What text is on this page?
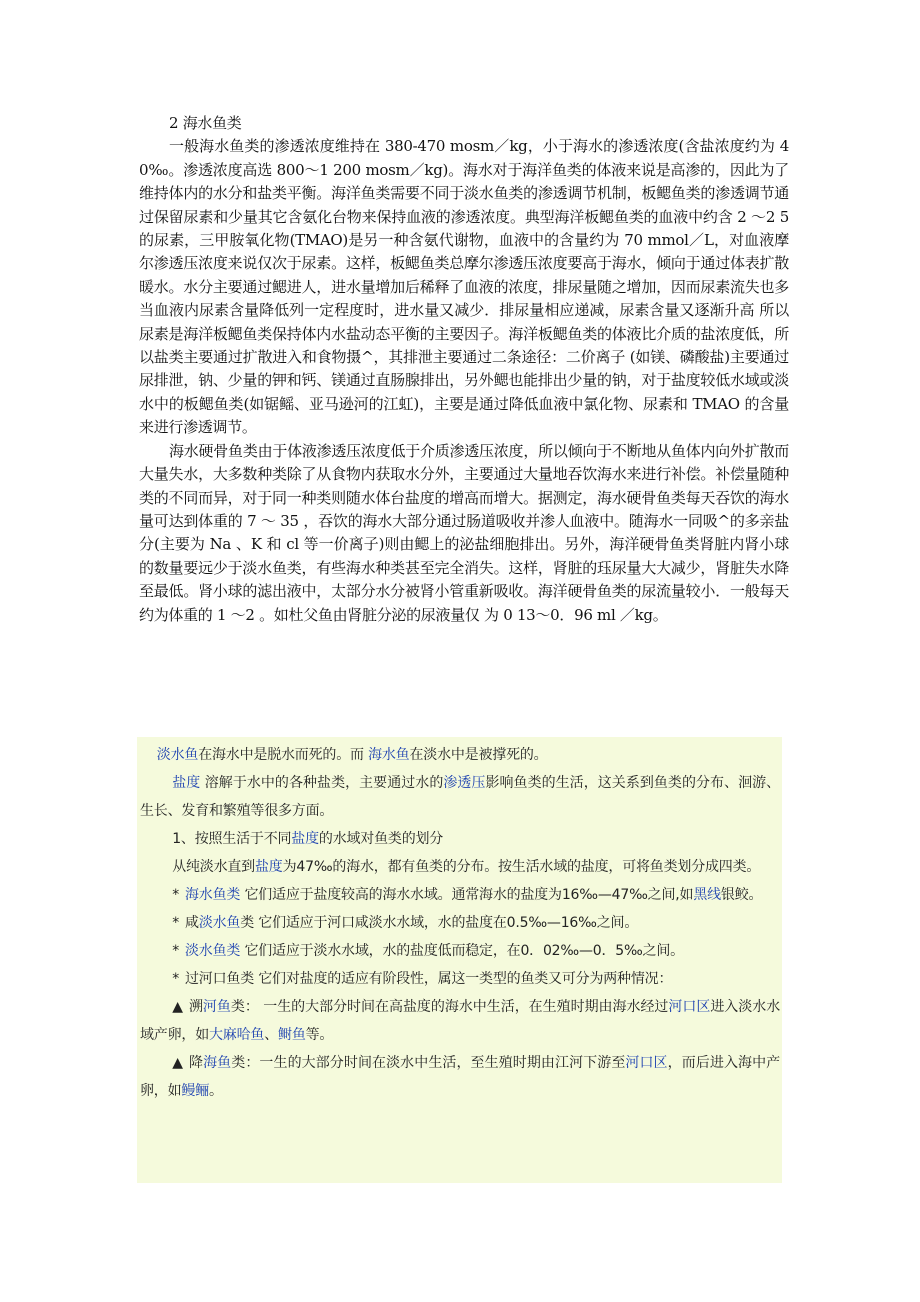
2 海水鱼类

一般海水鱼类的渗透浓度维持在 380-470 mosm／kg，小于海水的渗透浓度(含盐浓度约为 40‰。渗透浓度高选 800～1 200 mosm／kg)。海水对于海洋鱼类的体液来说是高渗的，因此为了维持体内的水分和盐类平衡。海洋鱼类需要不同于淡水鱼类的渗透调节机制，板鳃鱼类的渗透调节通过保留尿素和少量其它含氨化台物来保持血液的渗透浓度。典型海洋板鳃鱼类的血液中约含 2 ～2 5 的尿素，三甲胺氧化物(TMAO)是另一种含氨代谢物，血液中的含量约为 70 mmol／L，对血液摩尔渗透压浓度来说仅次于尿素。这样，板鳃鱼类总摩尔渗透压浓度要高于海水，倾向于通过体表扩散暖水。水分主要通过鳃进人，进水量增加后稀释了血液的浓度，排尿量随之增加，因而尿素流失也多当血液内尿素含量降低列一定程度时，进水量又减少．排尿量相应递减，尿素含量又逐渐升高 所以尿素是海洋板鳃鱼类保持体内水盐动态平衡的主要因子。海洋板鳃鱼类的体液比介质的盐浓度低，所以盐类主要通过扩散进入和食物摄^，其排泄主要通过二条途径：二价离子 (如镁、磷酸盐)主要通过尿排泄，钠、少量的钾和钙、镁通过直肠腺排出，另外鳃也能排出少量的钠，对于盐度较低水域或淡水中的板鳃鱼类(如锯鳐、亚马逊河的江虹)，主要是通过降低血液中氯化物、尿素和 TMAO 的含量来进行渗透调节。

海水硬骨鱼类由于体液渗透压浓度低于介质渗透压浓度，所以倾向于不断地从鱼体内向外扩散而大量失水，大多数种类除了从食物内获取水分外，主要通过大量地吞饮海水来进行补偿。补偿量随种类的不同而异，对于同一种类则随水体台盐度的增高而增大。据测定，海水硬骨鱼类每天吞饮的海水量可达到体重的 7 ～ 35 ，吞饮的海水大部分通过肠道吸收并渗人血液中。随海水一同吸^的多亲盐分(主要为 Na 、K 和 cl 等一价离子)则由鳃上的泌盐细胞排出。另外，海洋硬骨鱼类肾脏内肾小球的数量要远少于淡水鱼类，有些海水种类甚至完全消失。这样，肾脏的珏尿量大大减少，肾脏失水降至最低。肾小球的滤出液中，太部分水分被肾小管重新吸收。海洋硬骨鱼类的尿流量较小．一般每天约为体重的 1 ～2 。如杜父鱼由肾脏分泌的尿液量仅 为 0 13～0．96 ml ／kg。

淡水鱼在海水中是脱水而死的。而 海水鱼在淡水中是被撑死的。

盐度 溶解于水中的各种盐类，主要通过水的渗透压影响鱼类的生活，这关系到鱼类的分布、洄游、生长、发育和繁殖等很多方面。

1、按照生活于不同盐度的水域对鱼类的划分

从纯淡水直到盐度为47‰的海水，都有鱼类的分布。按生活水域的盐度，可将鱼类划分成四类。

* 海水鱼类 它们适应于盐度较高的海水水域。通常海水的盐度为16‰—47‰之间,如黑线银鲛。

* 咸淡水鱼类 它们适应于河口咸淡水水域，水的盐度在0.5‰—16‰之间。

* 淡水鱼类 它们适应于淡水水域，水的盐度低而稳定，在0．02‰—0．5‰之间。

* 过河口鱼类 它们对盐度的适应有阶段性，属这一类型的鱼类又可分为两种情况：

▲ 溯河鱼类： 一生的大部分时间在高盐度的海水中生活，在生殖时期由海水经过河口区进入淡水水域产卵，如大麻哈鱼、鲥鱼等。

▲ 降海鱼类：一生的大部分时间在淡水中生活，至生殖时期由江河下游至河口区，而后进入海中产卵，如鳗鲡。
